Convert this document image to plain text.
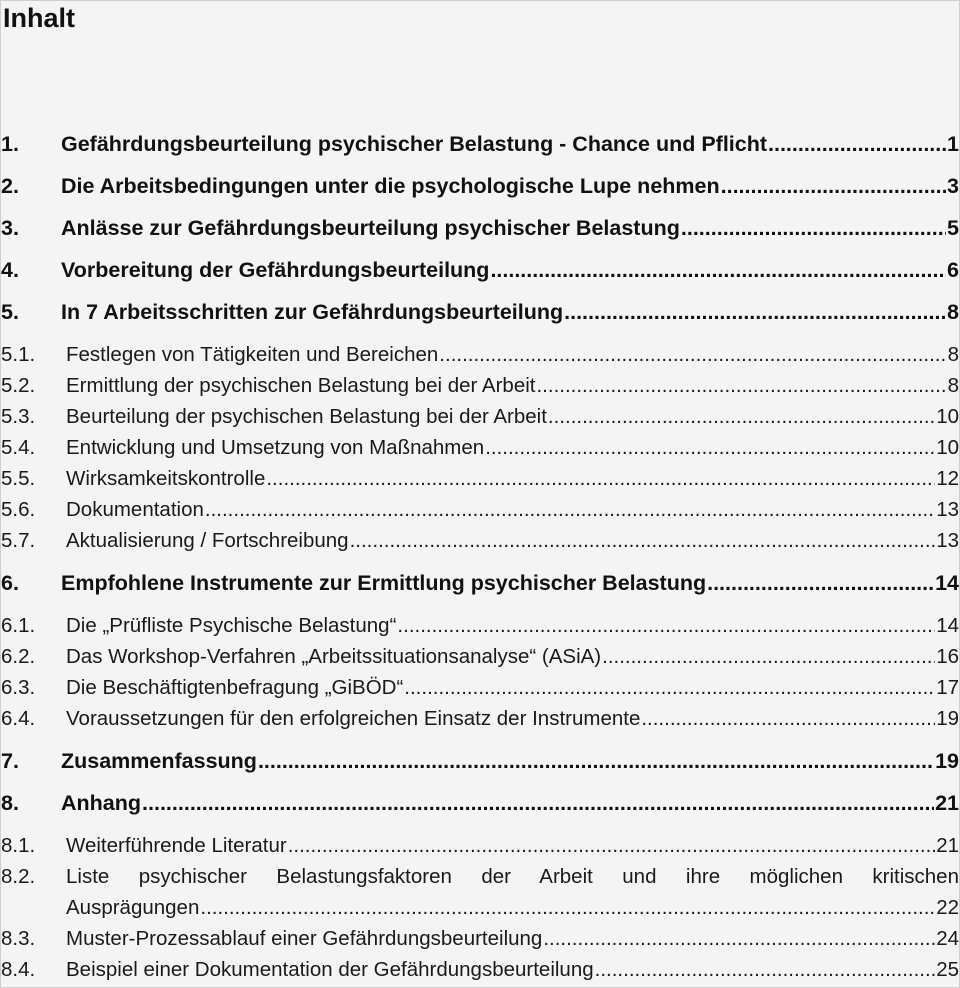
Inhalt
1.	Gefährdungsbeurteilung psychischer Belastung - Chance und Pflicht .....	1
2.	Die Arbeitsbedingungen unter die psychologische Lupe nehmen .....	3
3.	Anlässe zur Gefährdungsbeurteilung psychischer Belastung .....	5
4.	Vorbereitung der Gefährdungsbeurteilung .....	6
5.	In 7 Arbeitsschritten zur Gefährdungsbeurteilung .....	8
5.1.	Festlegen von Tätigkeiten und Bereichen .....	8
5.2.	Ermittlung der psychischen Belastung bei der Arbeit .....	8
5.3.	Beurteilung der psychischen Belastung bei der Arbeit .....	10
5.4.	Entwicklung und Umsetzung von Maßnahmen .....	10
5.5.	Wirksamkeitskontrolle .....	12
5.6.	Dokumentation .....	13
5.7.	Aktualisierung / Fortschreibung .....	13
6.	Empfohlene Instrumente zur Ermittlung psychischer Belastung .....	14
6.1.	Die „Prüfliste Psychische Belastung“ .....	14
6.2.	Das Workshop-Verfahren „Arbeitssituationsanalyse“ (ASiA) .....	16
6.3.	Die Beschäftigtenbefragung „GiBÖD“ .....	17
6.4.	Voraussetzungen für den erfolgreichen Einsatz der Instrumente .....	19
7.	Zusammenfassung .....	19
8.	Anhang .....	21
8.1.	Weiterführende Literatur .....	21
8.2.	Liste psychischer Belastungsfaktoren der Arbeit und ihre möglichen kritischen
Ausprägungen .....	22
8.3.	Muster-Prozessablauf einer Gefährdungsbeurteilung .....	24
8.4.	Beispiel einer Dokumentation der Gefährdungsbeurteilung .....	25
